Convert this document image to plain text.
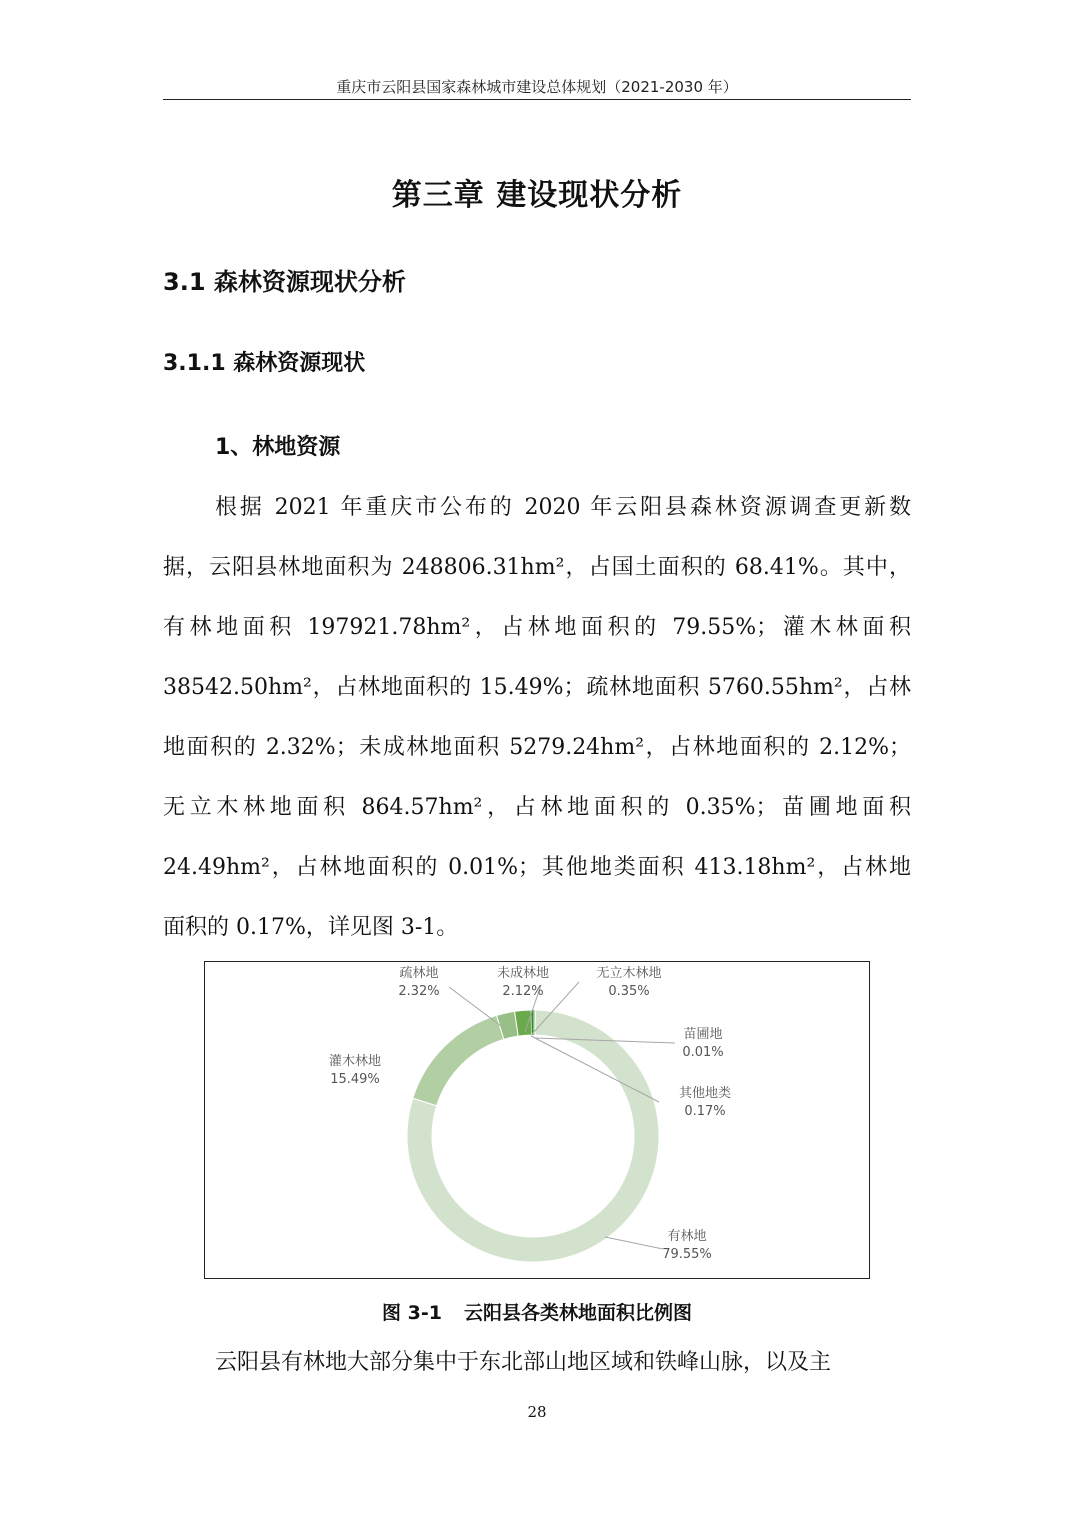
重庆市云阳县国家森林城市建设总体规划（2021-2030 年）
第三章 建设现状分析
3.1 森林资源现状分析
3.1.1 森林资源现状
1、林地资源
根据 2021 年重庆市公布的 2020 年云阳县森林资源调查更新数
据，云阳县林地面积为 248806.31hm²，占国土面积的 68.41%。其中，
有林地面积 197921.78hm²，占林地面积的 79.55%；灌木林面积
38542.50hm²，占林地面积的 15.49%；疏林地面积 5760.55hm²，占林
地面积的 2.32%；未成林地面积 5279.24hm²，占林地面积的 2.12%；
无立木林地面积 864.57hm²，占林地面积的 0.35%；苗圃地面积
24.49hm²，占林地面积的 0.01%；其他地类面积 413.18hm²，占林地
面积的 0.17%，详见图 3-1。
有林地
79.55%
灌木林地
15.49%
疏林地
2.32%
未成林地
2.12%
无立木林地
0.35%
苗圃地
0.01%
其他地类
0.17%
图 3-1 云阳县各类林地面积比例图
云阳县有林地大部分集中于东北部山地区域和铁峰山脉，以及主
28
